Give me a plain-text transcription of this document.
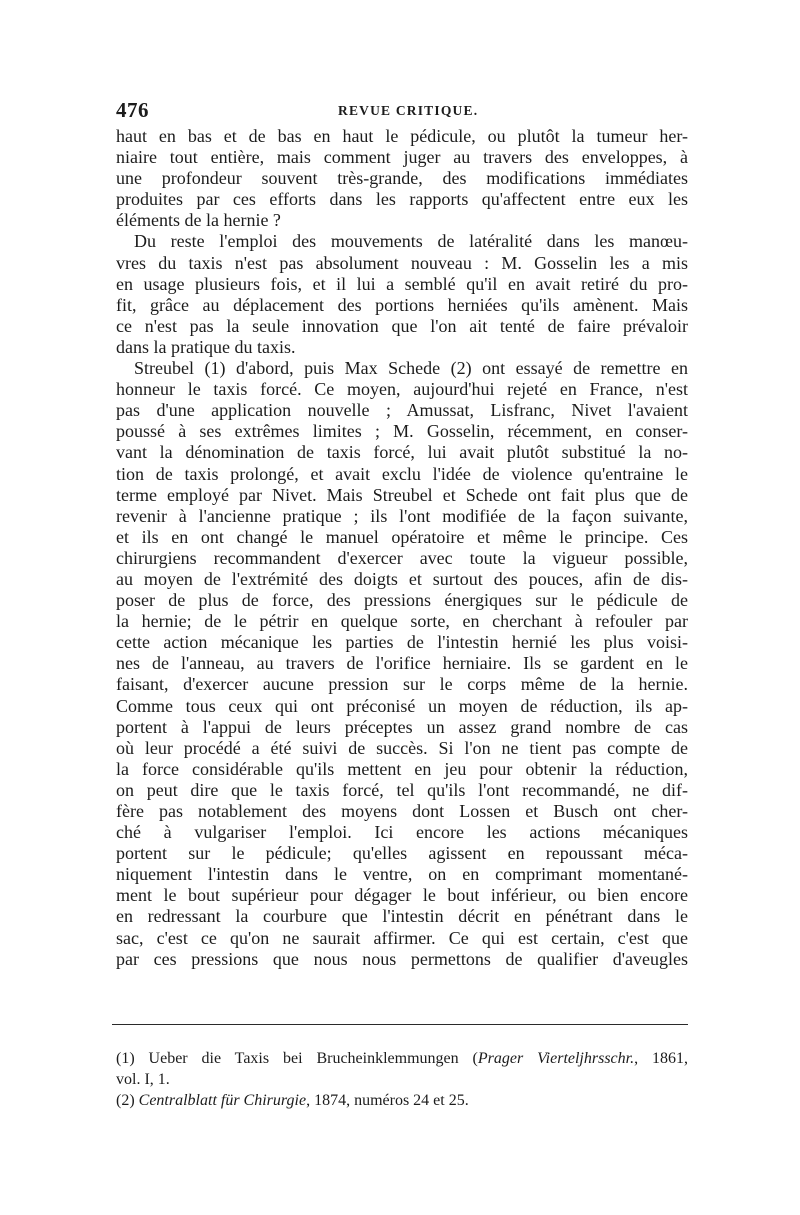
476	REVUE CRITIQUE.
haut en bas et de bas en haut le pédicule, ou plutôt la tumeur her-
niaire tout entière, mais comment juger au travers des enveloppes, à
une profondeur souvent très-grande, des modifications immédiates
produites par ces efforts dans les rapports qu'affectent entre eux les
éléments de la hernie ?
Du reste l'emploi des mouvements de latéralité dans les manœu-
vres du taxis n'est pas absolument nouveau : M. Gosselin les a mis
en usage plusieurs fois, et il lui a semblé qu'il en avait retiré du pro-
fit, grâce au déplacement des portions herniées qu'ils amènent. Mais
ce n'est pas la seule innovation que l'on ait tenté de faire prévaloir
dans la pratique du taxis.
Streubel (1) d'abord, puis Max Schede (2) ont essayé de remettre en
honneur le taxis forcé. Ce moyen, aujourd'hui rejeté en France, n'est
pas d'une application nouvelle ; Amussat, Lisfranc, Nivet l'avaient
poussé à ses extrêmes limites ; M. Gosselin, récemment, en conser-
vant la dénomination de taxis forcé, lui avait plutôt substitué la no-
tion de taxis prolongé, et avait exclu l'idée de violence qu'entraine le
terme employé par Nivet. Mais Streubel et Schede ont fait plus que de
revenir à l'ancienne pratique ; ils l'ont modifiée de la façon suivante,
et ils en ont changé le manuel opératoire et même le principe. Ces
chirurgiens recommandent d'exercer avec toute la vigueur possible,
au moyen de l'extrémité des doigts et surtout des pouces, afin de dis-
poser de plus de force, des pressions énergiques sur le pédicule de
la hernie; de le pétrir en quelque sorte, en cherchant à refouler par
cette action mécanique les parties de l'intestin hernié les plus voisi-
nes de l'anneau, au travers de l'orifice herniaire. Ils se gardent en le
faisant, d'exercer aucune pression sur le corps même de la hernie.
Comme tous ceux qui ont préconisé un moyen de réduction, ils ap-
portent à l'appui de leurs préceptes un assez grand nombre de cas
où leur procédé a été suivi de succès. Si l'on ne tient pas compte de
la force considérable qu'ils mettent en jeu pour obtenir la réduction,
on peut dire que le taxis forcé, tel qu'ils l'ont recommandé, ne dif-
fère pas notablement des moyens dont Lossen et Busch ont cher-
ché à vulgariser l'emploi. Ici encore les actions mécaniques
portent sur le pédicule; qu'elles agissent en repoussant méca-
niquement l'intestin dans le ventre, on en comprimant momentané-
ment le bout supérieur pour dégager le bout inférieur, ou bien encore
en redressant la courbure que l'intestin décrit en pénétrant dans le
sac, c'est ce qu'on ne saurait affirmer. Ce qui est certain, c'est que
par ces pressions que nous nous permettons de qualifier d'aveugles
(1) Ueber die Taxis bei Brucheinklemmungen (Prager Vierteljhrsschr., 1861,
vol. I, 1.
(2) Centralblatt für Chirurgie, 1874, numéros 24 et 25.
